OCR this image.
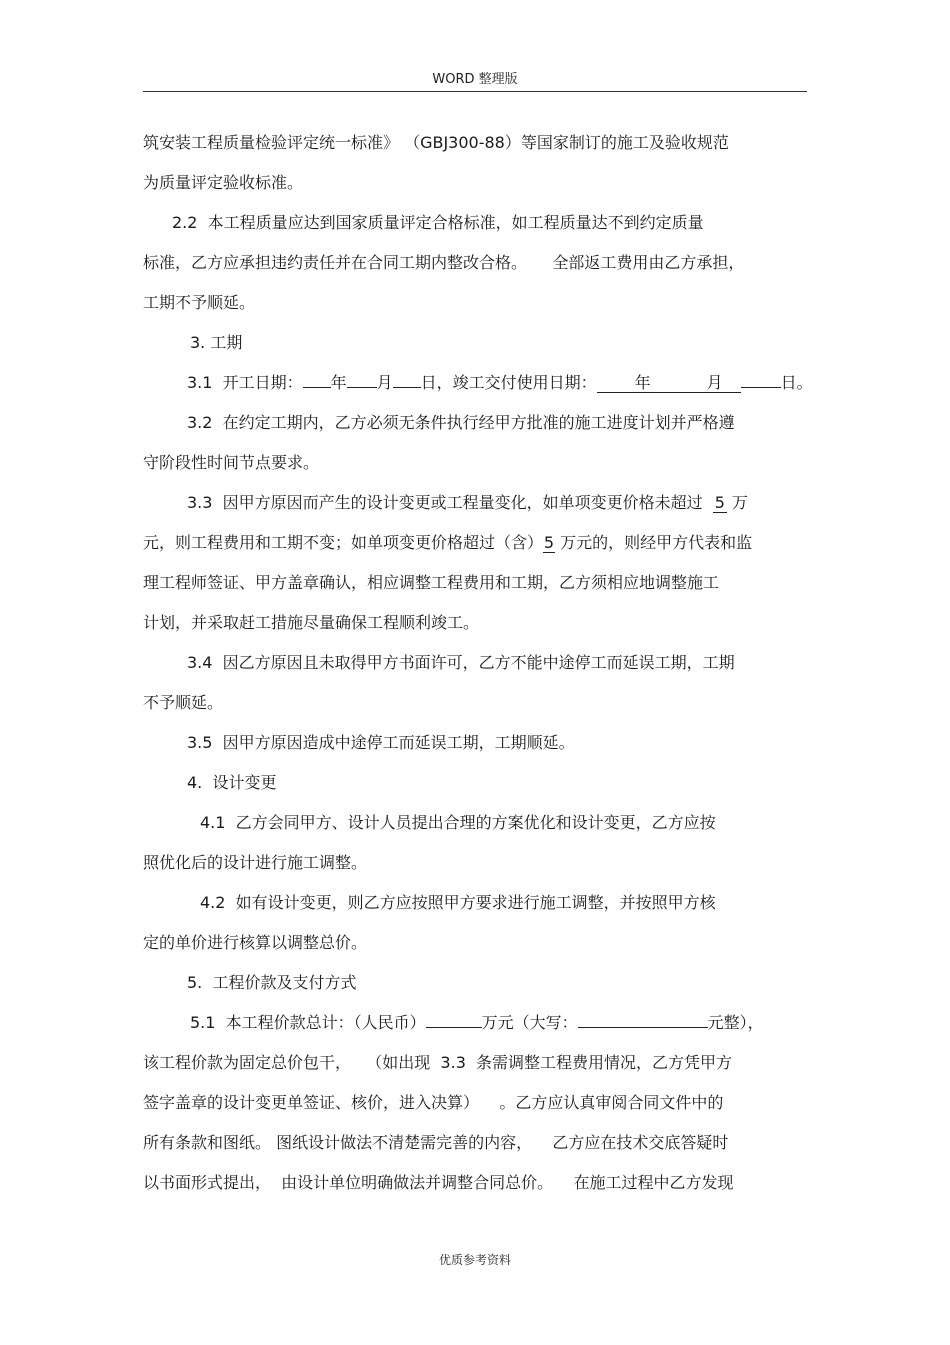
WORD 整理版
筑安装工程质量检验评定统一标准》 （GBJ300-88）等国家制订的施工及验收规范
为质量评定验收标准。
2.2  本工程质量应达到国家质量评定合格标准，如工程质量达不到约定质量
标准，乙方应承担违约责任并在合同工期内整改合格。     全部返工费用由乙方承担，
工期不予顺延。
3. 工期
3.1  开工日期： 年 月 日，竣工交付使用日期： 年	月	日。
3.2  在约定工期内，乙方必须无条件执行经甲方批准的施工进度计划并严格遵
守阶段性时间节点要求。
3.3  因甲方原因而产生的设计变更或工程量变化，如单项变更价格未超过  5 万
元，则工程费用和工期不变；如单项变更价格超过（含）5 万元的，则经甲方代表和监
理工程师签证、甲方盖章确认，相应调整工程费用和工期，乙方须相应地调整施工
计划，并采取赶工措施尽量确保工程顺利竣工。
3.4  因乙方原因且未取得甲方书面许可，乙方不能中途停工而延误工期，工期
不予顺延。
3.5  因甲方原因造成中途停工而延误工期，工期顺延。
4.  设计变更
4.1  乙方会同甲方、设计人员提出合理的方案优化和设计变更，乙方应按
照优化后的设计进行施工调整。
4.2  如有设计变更，则乙方应按照甲方要求进行施工调整，并按照甲方核
定的单价进行核算以调整总价。
5.  工程价款及支付方式
5.1  本工程价款总计：（人民币）	万元（大写：	元整），
该工程价款为固定总价包干，   （如出现  3.3  条需调整工程费用情况，乙方凭甲方
签字盖章的设计变更单签证、核价，进入决算）    。乙方应认真审阅合同文件中的
所有条款和图纸。 图纸设计做法不清楚需完善的内容，    乙方应在技术交底答疑时
以书面形式提出，  由设计单位明确做法并调整合同总价。    在施工过程中乙方发现
优质参考资料
